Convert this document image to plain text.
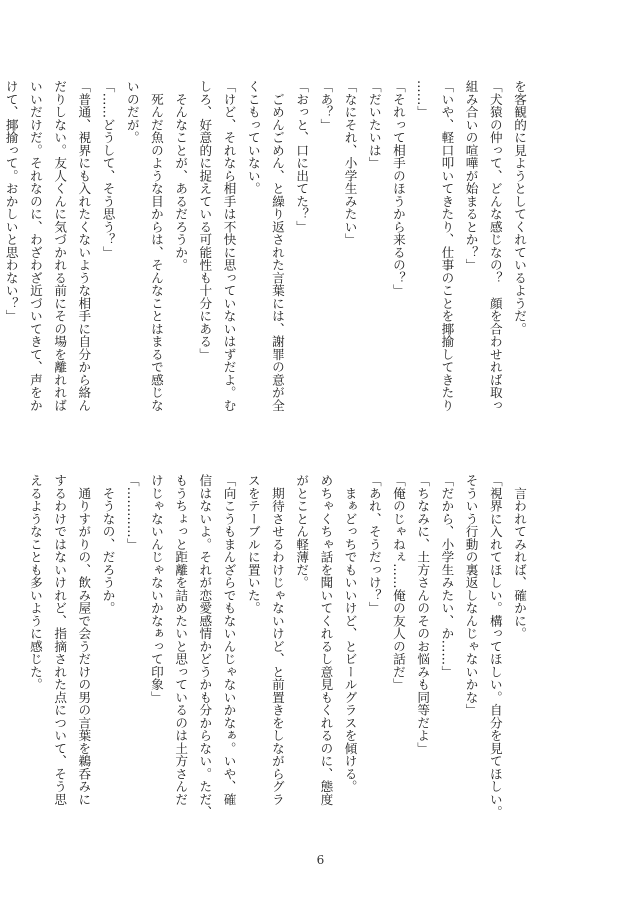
を客観的に見ようとしてくれているようだ。
「犬猿の仲って、どんな感じなの？　顔を合わせれば取っ
組み合いの喧嘩が始まるとか？」
「いや、軽口叩いてきたり、仕事のことを揶揄してきたり
……」
「それって相手のほうから来るの？」
「だいたいは」
「なにそれ、小学生みたい」
「あ？」
「おっと、口に出てた？」
　ごめんごめん、と繰り返された言葉には、謝罪の意が全
くこもっていない。
「けど、それなら相手は不快に思っていないはずだよ。む
しろ、好意的に捉えている可能性も十分にある」
　そんなことが、あるだろうか。
　死んだ魚のような目からは、そんなことはまるで感じな
いのだが。
「……どうして、そう思う？」
「普通、視界にも入れたくないような相手に自分から絡ん
だりしない。友人くんに気づかれる前にその場を離れれば
いいだけだ。それなのに、わざわざ近づいてきて、声をか
けて、揶揄って。おかしいと思わない？」
　言われてみれば、確かに。
「視界に入れてほしい。構ってほしい。自分を見てほしい。
そういう行動の裏返しなんじゃないかな」
「だから、小学生みたい、か……」
「ちなみに、土方さんのそのお悩みも同等だよ」
「俺のじゃねぇ……俺の友人の話だ」
「あれ、そうだっけ？」
　まぁどっちでもいいけど、とビールグラスを傾ける。
めちゃくちゃ話を聞いてくれるし意見もくれるのに、態度
がとことん軽薄だ。
　期待させるわけじゃないけど、と前置きをしながらグラ
スをテーブルに置いた。
「向こうもまんざらでもないんじゃないかなぁ。いや、確
信はないよ。それが恋愛感情かどうかも分からない。ただ、
もうちょっと距離を詰めたいと思っているのは土方さんだ
けじゃないんじゃないかなぁって印象」
「…………」
　そうなの、だろうか。
　通りすがりの、飲み屋で会うだけの男の言葉を鵜呑みに
するわけではないけれど、指摘された点について、そう思
えるようなことも多いように感じた。
6
